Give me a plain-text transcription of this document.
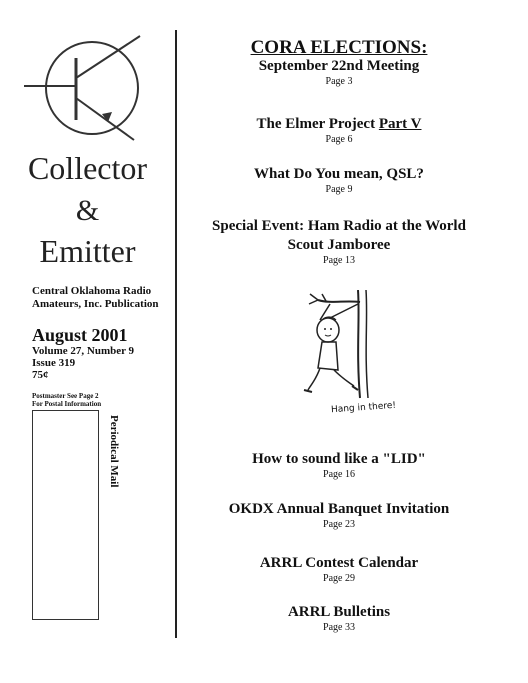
Collector
&
Emitter
Central Oklahoma Radio
Amateurs, Inc. Publication
August 2001
Volume 27, Number 9
Issue 319
75¢
Postmaster See Page 2
For Postal Information
Periodical Mail
CORA ELECTIONS:
September 22nd Meeting
Page 3
The Elmer Project Part V
Page 6
What Do You mean, QSL?
Page 9
Special Event: Ham Radio at the World
Scout Jamboree
Page 13
Hang in there!
How to sound like a "LID"
Page 16
OKDX Annual Banquet Invitation
Page 23
ARRL Contest Calendar
Page 29
ARRL Bulletins
Page 33
